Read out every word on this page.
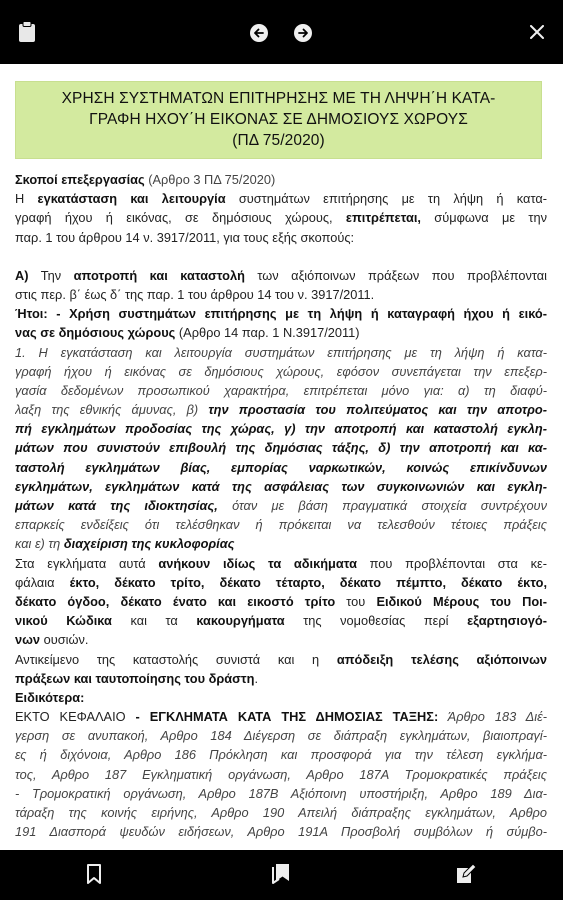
ΧΡΗΣΗ ΣΥΣΤΗΜΑΤΩΝ ΕΠΙΤΗΡΗΣΗΣ ΜΕ ΤΗ ΛΗΨΗ΄Η ΚΑΤΑ-
ΓΡΑΦΗ ΗΧΟΥ΄Η ΕΙΚΟΝΑΣ ΣΕ ΔΗΜΟΣΙΟΥΣ ΧΩΡΟΥΣ
(ΠΔ 75/2020)
Σκοποί επεξεργασίας (Αρθρο 3 ΠΔ 75/2020)
Η εγκατάσταση και λειτουργία συστημάτων επιτήρησης με τη λήψη ή κατα-
γραφή ήχου ή εικόνας, σε δημόσιους χώρους, επιτρέπεται, σύμφωνα με την
παρ. 1 του άρθρου 14 ν. 3917/2011, για τους εξής σκοπούς:
Α) Την αποτροπή και καταστολή των αξιόποινων πράξεων που προβλέπονται
στις περ. β΄ έως δ΄ της παρ. 1 του άρθρου 14 του ν. 3917/2011.
Ήτοι: - Χρήση συστημάτων επιτήρησης με τη λήψη ή καταγραφή ήχου ή εικό-
νας σε δημόσιους χώρους (Αρθρο 14 παρ. 1 Ν.3917/2011)
1. Η εγκατάσταση και λειτουργία συστημάτων επιτήρησης με τη λήψη ή κατα-
γραφή ήχου ή εικόνας σε δημόσιους χώρους, εφόσον συνεπάγεται την επεξερ-
γασία δεδομένων προσωπικού χαρακτήρα, επιτρέπεται μόνο για: α) τη διαφύ-
λαξη της εθνικής άμυνας, β) την προστασία του πολιτεύματος και την αποτρο-
πή εγκλημάτων προδοσίας της χώρας, γ) την αποτροπή και καταστολή εγκλη-
μάτων που συνιστούν επιβουλή της δημόσιας τάξης, δ) την αποτροπή και κα-
ταστολή εγκλημάτων βίας, εμπορίας ναρκωτικών, κοινώς επικίνδυνων
εγκλημάτων, εγκλημάτων κατά της ασφάλειας των συγκοινωνιών και εγκλη-
μάτων κατά της ιδιοκτησίας, όταν με βάση πραγματικά στοιχεία συντρέχουν
επαρκείς ενδείξεις ότι τελέσθηκαν ή πρόκειται να τελεσθούν τέτοιες πράξεις
και ε) τη διαχείριση της κυκλοφορίας
Στα εγκλήματα αυτά ανήκουν ιδίως τα αδικήματα που προβλέπονται στα κε-
φάλαια έκτο, δέκατο τρίτο, δέκατο τέταρτο, δέκατο πέμπτο, δέκατο έκτο,
δέκατο όγδοο, δέκατο ένατο και εικοστό τρίτο του Ειδικού Μέρους του Ποι-
νικού Κώδικα και τα κακουργήματα της νομοθεσίας περί εξαρτησιογό-
νων ουσιών.
Αντικείμενο της καταστολής συνιστά και η απόδειξη τελέσης αξιόποινων
πράξεων και ταυτοποίησης του δράστη.
Ειδικότερα:
ΕΚΤΟ ΚΕΦΑΛΑΙΟ - ΕΓΚΛΗΜΑΤΑ ΚΑΤΑ ΤΗΣ ΔΗΜΟΣΙΑΣ ΤΑΞΗΣ: Άρθρο 183 Διέ-
γερση σε ανυπακοή, Αρθρο 184 Διέγερση σε διάπραξη εγκλημάτων, βιαιοπραγί-
ες ή διχόνοια, Αρθρο 186 Πρόκληση και προσφορά για την τέλεση εγκλήμα-
τος, Αρθρο 187 Εγκληματική οργάνωση, Αρθρο 187Α Τρομοκρατικές πράξεις
- Τρομοκρατική οργάνωση, Αρθρο 187Β Αξιόποινη υποστήριξη, Αρθρο 189 Δια-
τάραξη της κοινής ειρήνης, Αρθρο 190 Απειλή διάπραξης εγκλημάτων, Αρθρο
191 Διασπορά ψευδών ειδήσεων, Αρθρο 191Α Προσβολή συμβόλων ή σύμβο-
